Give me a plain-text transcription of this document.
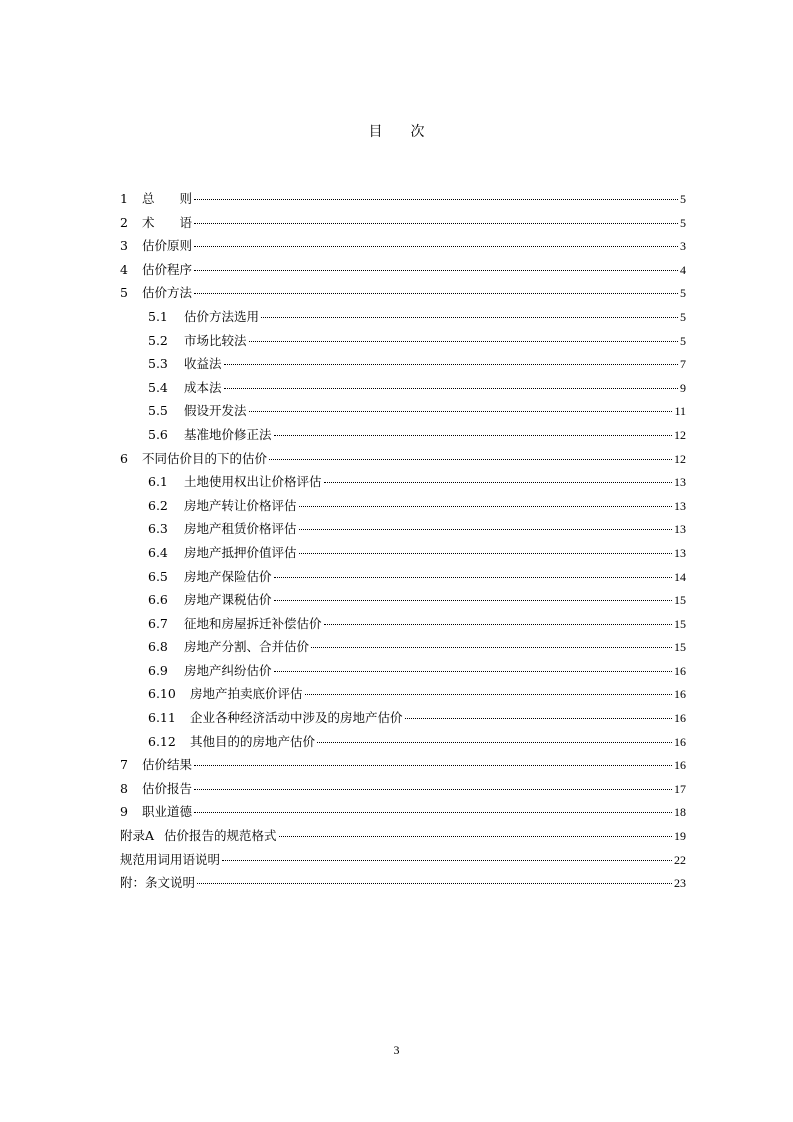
目 次
1	总　　则	5
2	术　　语	5
3	估价原则	3
4	估价程序	4
5	估价方法	5
5.1	估价方法选用	5
5.2	市场比较法	5
5.3	收益法	7
5.4	成本法	9
5.5	假设开发法	11
5.6	基准地价修正法	12
6	不同估价目的下的估价	12
6.1	土地使用权出让价格评估	13
6.2	房地产转让价格评估	13
6.3	房地产租赁价格评估	13
6.4	房地产抵押价值评估	13
6.5	房地产保险估价	14
6.6	房地产课税估价	15
6.7	征地和房屋拆迁补偿估价	15
6.8	房地产分割、合并估价	15
6.9	房地产纠纷估价	16
6.10	房地产拍卖底价评估	16
6.11	企业各种经济活动中涉及的房地产估价	16
6.12	其他目的的房地产估价	16
7	估价结果	16
8	估价报告	17
9	职业道德	18
附录A 估价报告的规范格式	19
规范用词用语说明	22
附：条文说明	23
3
